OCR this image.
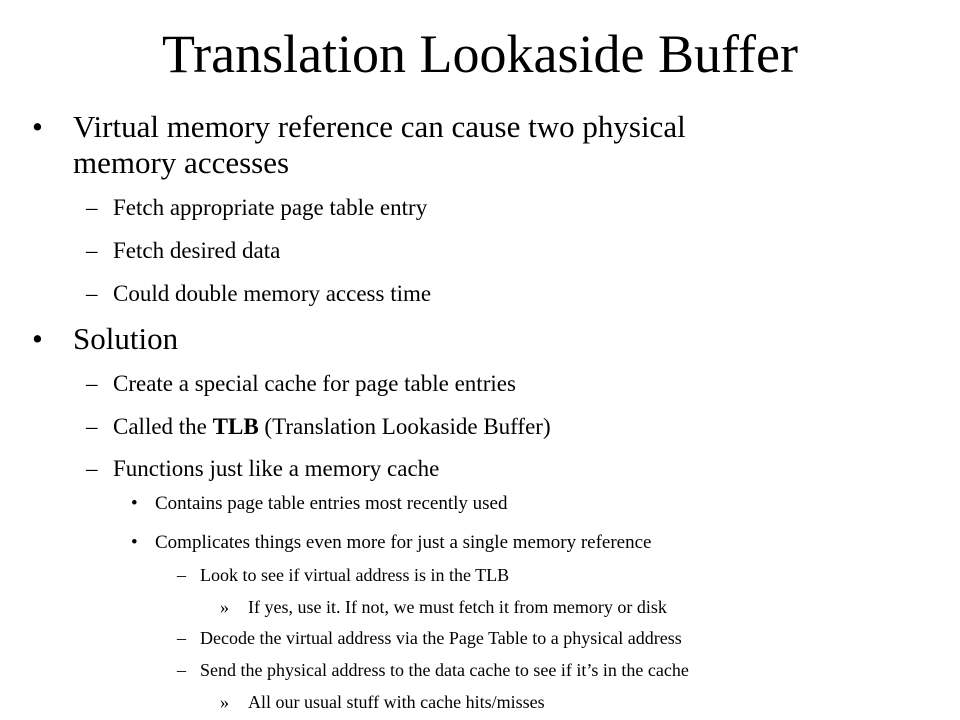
Translation Lookaside Buffer
• Virtual memory reference can cause two physical
memory accesses
– Fetch appropriate page table entry
– Fetch desired data
– Could double memory access time
• Solution
– Create a special cache for page table entries
– Called the TLB (Translation Lookaside Buffer)
– Functions just like a memory cache
• Contains page table entries most recently used
• Complicates things even more for just a single memory reference
– Look to see if virtual address is in the TLB
» If yes, use it. If not, we must fetch it from memory or disk
– Decode the virtual address via the Page Table to a physical address
– Send the physical address to the data cache to see if it’s in the cache
» All our usual stuff with cache hits/misses
